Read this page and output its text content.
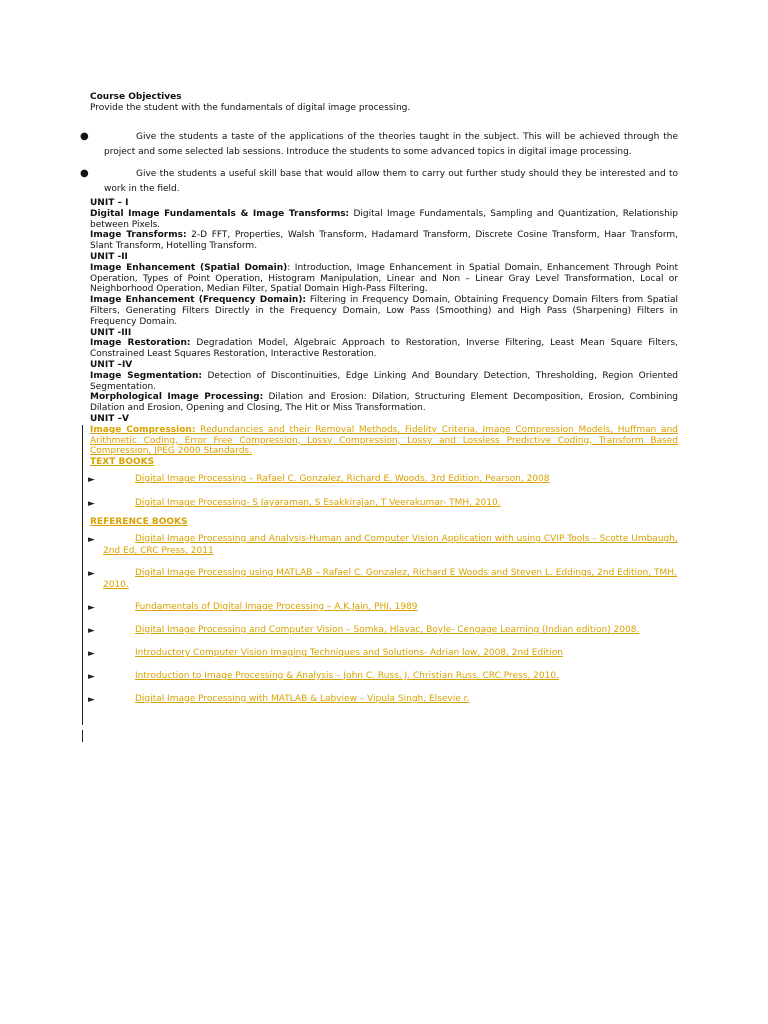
Course Objectives
Provide the student with the fundamentals of digital image processing.
●	Give the students a taste of the applications of the theories taught in the subject. This will be achieved through the project and some selected lab sessions. Introduce the students to some advanced topics in digital image processing.
●	Give the students a useful skill base that would allow them to carry out further study should they be interested and to work in the field.
UNIT – I
Digital Image Fundamentals & Image Transforms: Digital Image Fundamentals, Sampling and Quantization, Relationship between Pixels.
Image Transforms: 2-D FFT, Properties, Walsh Transform, Hadamard Transform, Discrete Cosine Transform, Haar Transform, Slant Transform, Hotelling Transform.
UNIT -II
Image Enhancement (Spatial Domain): Introduction, Image Enhancement in Spatial Domain, Enhancement Through Point Operation, Types of Point Operation, Histogram Manipulation, Linear and Non – Linear Gray Level Transformation, Local or Neighborhood Operation, Median Filter, Spatial Domain High-Pass Filtering.
Image Enhancement (Frequency Domain): Filtering in Frequency Domain, Obtaining Frequency Domain Filters from Spatial Filters, Generating Filters Directly in the Frequency Domain, Low Pass (Smoothing) and High Pass (Sharpening) Filters in Frequency Domain.
UNIT -III
Image Restoration: Degradation Model, Algebraic Approach to Restoration, Inverse Filtering, Least Mean Square Filters, Constrained Least Squares Restoration, Interactive Restoration.
UNIT –IV
Image Segmentation: Detection of Discontinuities, Edge Linking And Boundary Detection, Thresholding, Region Oriented Segmentation.
Morphological Image Processing: Dilation and Erosion: Dilation, Structuring Element Decomposition, Erosion, Combining Dilation and Erosion, Opening and Closing, The Hit or Miss Transformation.
UNIT –V
Image Compression: Redundancies and their Removal Methods, Fidelity Criteria, Image Compression Models, Huffman and Arithmetic Coding, Error Free Compression, Lossy Compression, Lossy and Lossless Predictive Coding, Transform Based Compression, JPEG 2000 Standards.
TEXT BOOKS
►	Digital Image Processing – Rafael C. Gonzalez, Richard E. Woods, 3rd Edition, Pearson, 2008
►	Digital Image Processing- S Jayaraman, S Esakkirajan, T Veerakumar- TMH, 2010.
REFERENCE BOOKS
►	Digital Image Processing and Analysis-Human and Computer Vision Application with using CVIP Tools – Scotte Umbaugh, 2nd Ed, CRC Press, 2011
►	Digital Image Processing using MATLAB – Rafael C. Gonzalez, Richard E Woods and Steven L. Eddings, 2nd Edition, TMH, 2010.
►	Fundamentals of Digital Image Processing – A.K.Jain, PHI, 1989
►	Digital Image Processing and Computer Vision – Somka, Hlavac, Boyle- Cengage Learning (Indian edition) 2008.
►	Introductory Computer Vision Imaging Techniques and Solutions- Adrian low, 2008, 2nd Edition
►	Introduction to Image Processing & Analysis – John C. Russ, J. Christian Russ, CRC Press, 2010.
►	Digital Image Processing with MATLAB & Labview – Vipula Singh, Elsevie r.
